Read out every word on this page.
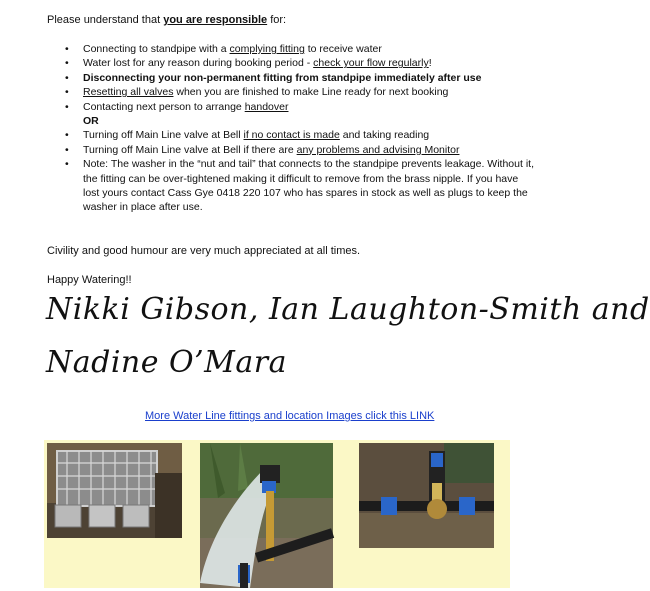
Please understand that you are responsible for:
• Connecting to standpipe with a complying fitting to receive water
• Water lost for any reason during booking period - check your flow regularly!
• Disconnecting your non-permanent fitting from standpipe immediately after use
• Resetting all valves when you are finished to make Line ready for next booking
• Contacting next person to arrange handover
OR
• Turning off Main Line valve at Bell if no contact is made and taking reading
• Turning off Main Line valve at Bell if there are any problems and advising Monitor
• Note: The washer in the “nut and tail” that connects to the standpipe prevents leakage. Without it, the fitting can be over-tightened making it difficult to remove from the brass nipple. If you have lost yours contact Cass Gye 0418 220 107 who has spares in stock as well as plugs to keep the washer in place after use.
Civility and good humour are very much appreciated at all times.
Happy Watering!!
Nikki Gibson, Ian Laughton-Smith and
Nadine O’Mara
More Water Line fittings and location Images click this LINK
